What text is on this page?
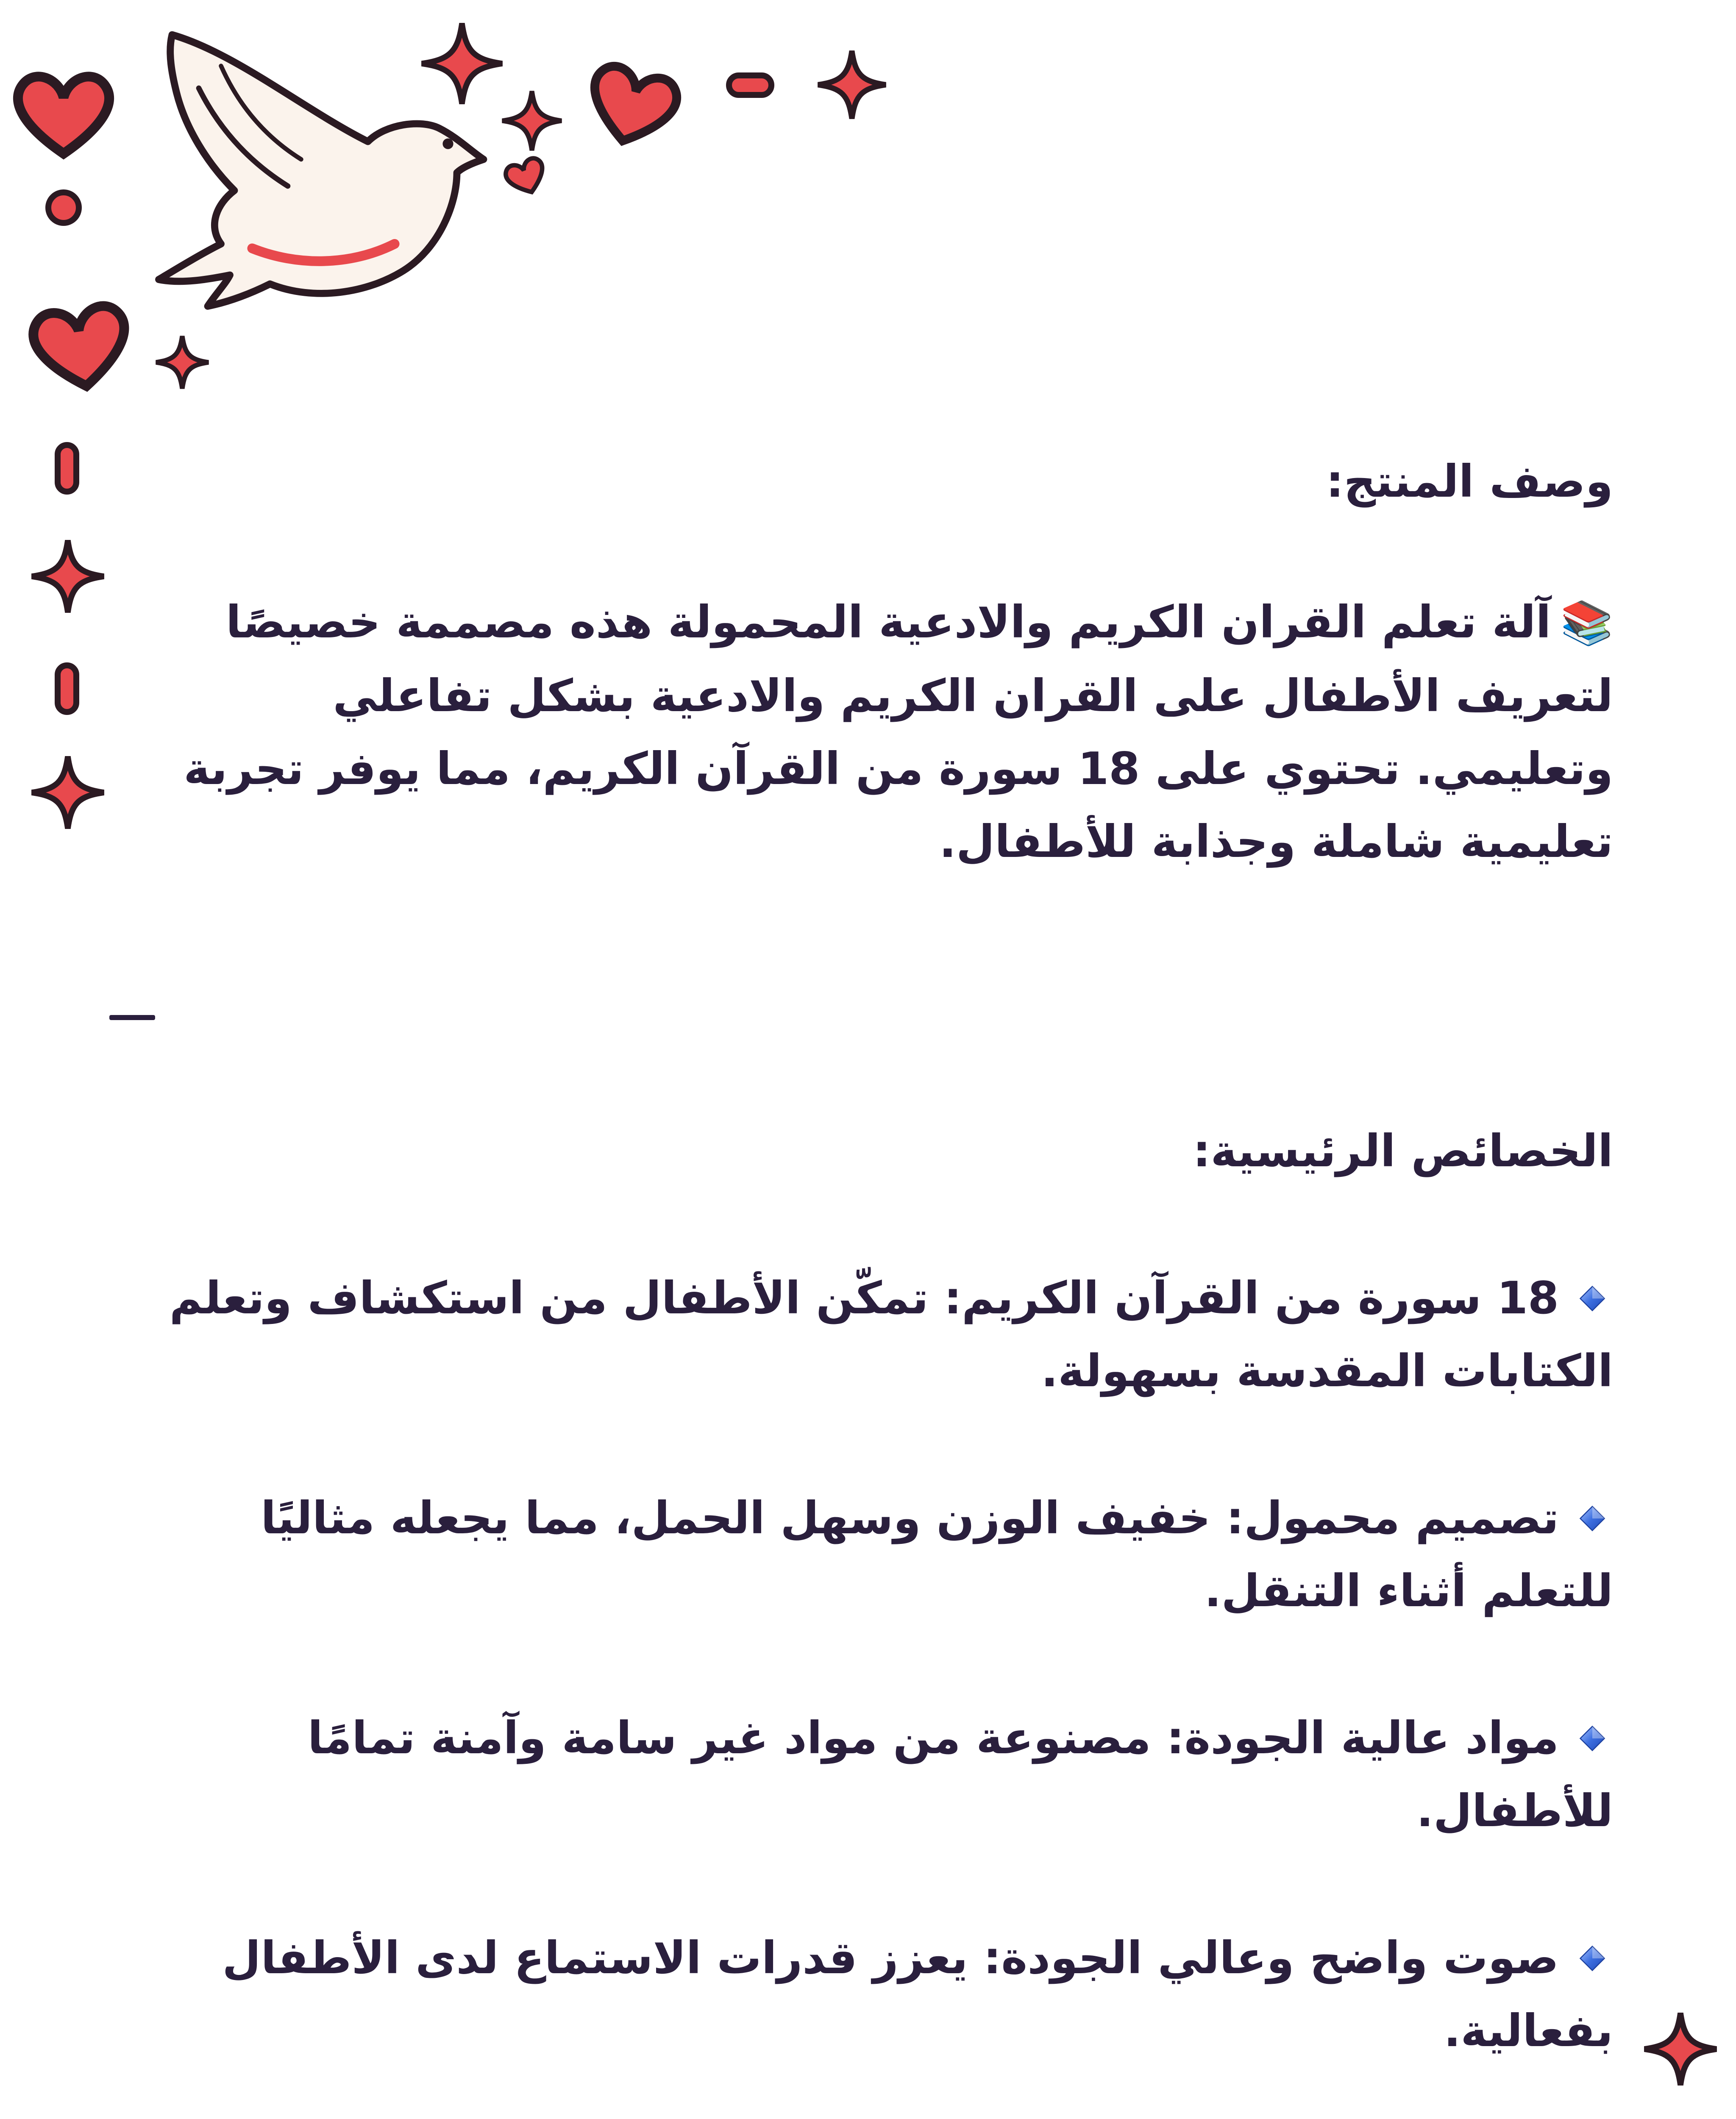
وصف المنتج:

📚آلة تعلم القران الكريم والادعية المحمولة هذه مصممة خصيصًا لتعريف الأطفال على القران الكريم والادعية بشكل تفاعلي وتعليمي. تحتوي على 18 سورة من القرآن الكريم، مما يوفر تجربة تعليمية شاملة وجذابة للأطفال.

الخصائص الرئيسية:

18 سورة من القرآن الكريم: تمكّن الأطفال من استكشاف وتعلم الكتابات المقدسة بسهولة.

تصميم محمول: خفيف الوزن وسهل الحمل، مما يجعله مثاليًا للتعلم أثناء التنقل.

مواد عالية الجودة: مصنوعة من مواد غير سامة وآمنة تمامًا للأطفال.

صوت واضح وعالي الجودة: يعزز قدرات الاستماع لدى الأطفال بفعالية.
